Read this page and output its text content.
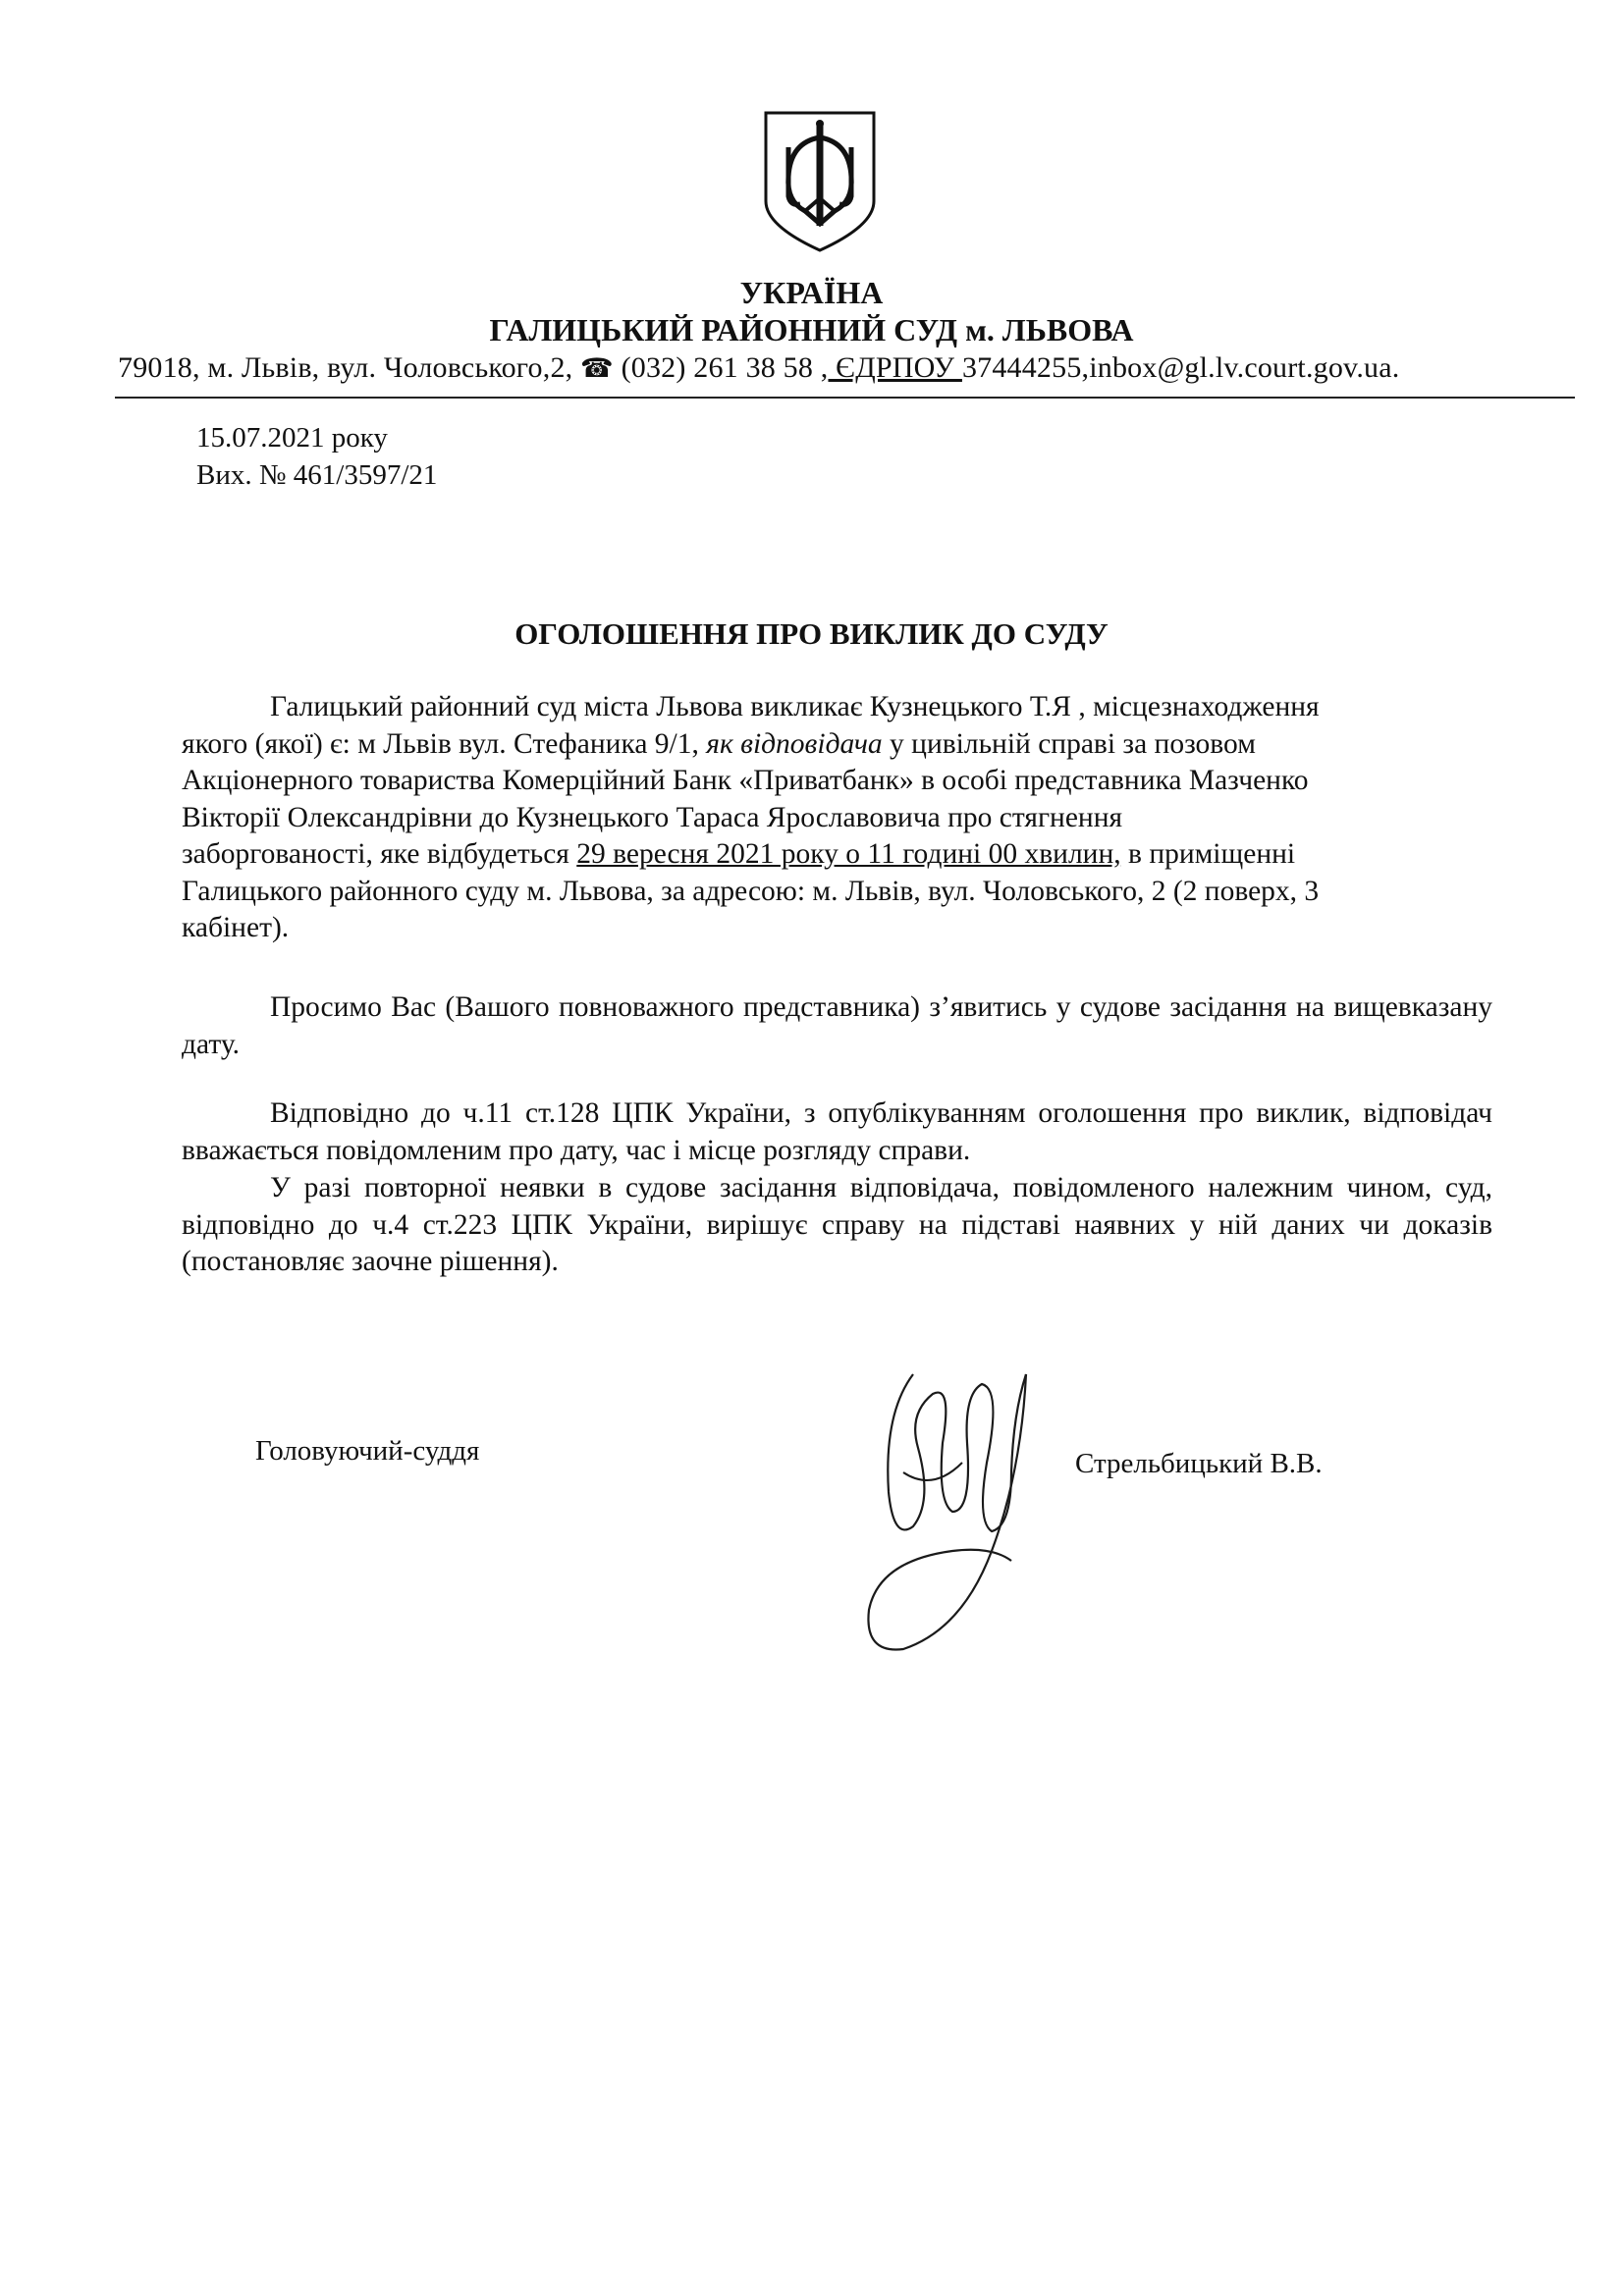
УКРАЇНА
ГАЛИЦЬКИЙ РАЙОННИЙ СУД м. ЛЬВОВА
79018, м. Львів, вул. Чоловського,2, ☎ (032) 261 38 58 , ЄДРПОУ 37444255,inbox@gl.lv.court.gov.ua.
15.07.2021 року
Вих. № 461/3597/21
ОГОЛОШЕННЯ ПРО ВИКЛИК ДО СУДУ
Галицький районний суд міста Львова викликає Кузнецького Т.Я , місцезнаходження
якого (якої) є: м Львів вул. Стефаника 9/1, як відповідача у цивільній справі за позовом
Акціонерного товариства Комерційний Банк «Приватбанк» в особі представника Мазченко
Вікторії Олександрівни до Кузнецького Тараса Ярославовича про стягнення
заборгованості, яке відбудеться 29 вересня 2021 року о 11 годині 00 хвилин, в приміщенні
Галицького районного суду м. Львова, за адресою: м. Львів, вул. Чоловського, 2 (2 поверх, 3
кабінет).
Просимо Вас (Вашого повноважного представника) з’явитись у судове засідання на вищевказану дату.
Відповідно до ч.11 ст.128 ЦПК України, з опублікуванням оголошення про виклик, відповідач вважається повідомленим про дату, час і місце розгляду справи.
У разі повторної неявки в судове засідання відповідача, повідомленого належним чином, суд, відповідно до ч.4 ст.223 ЦПК України, вирішує справу на підставі наявних у ній даних чи доказів (постановляє заочне рішення).
Головуючий-суддя	Стрельбицький В.В.
